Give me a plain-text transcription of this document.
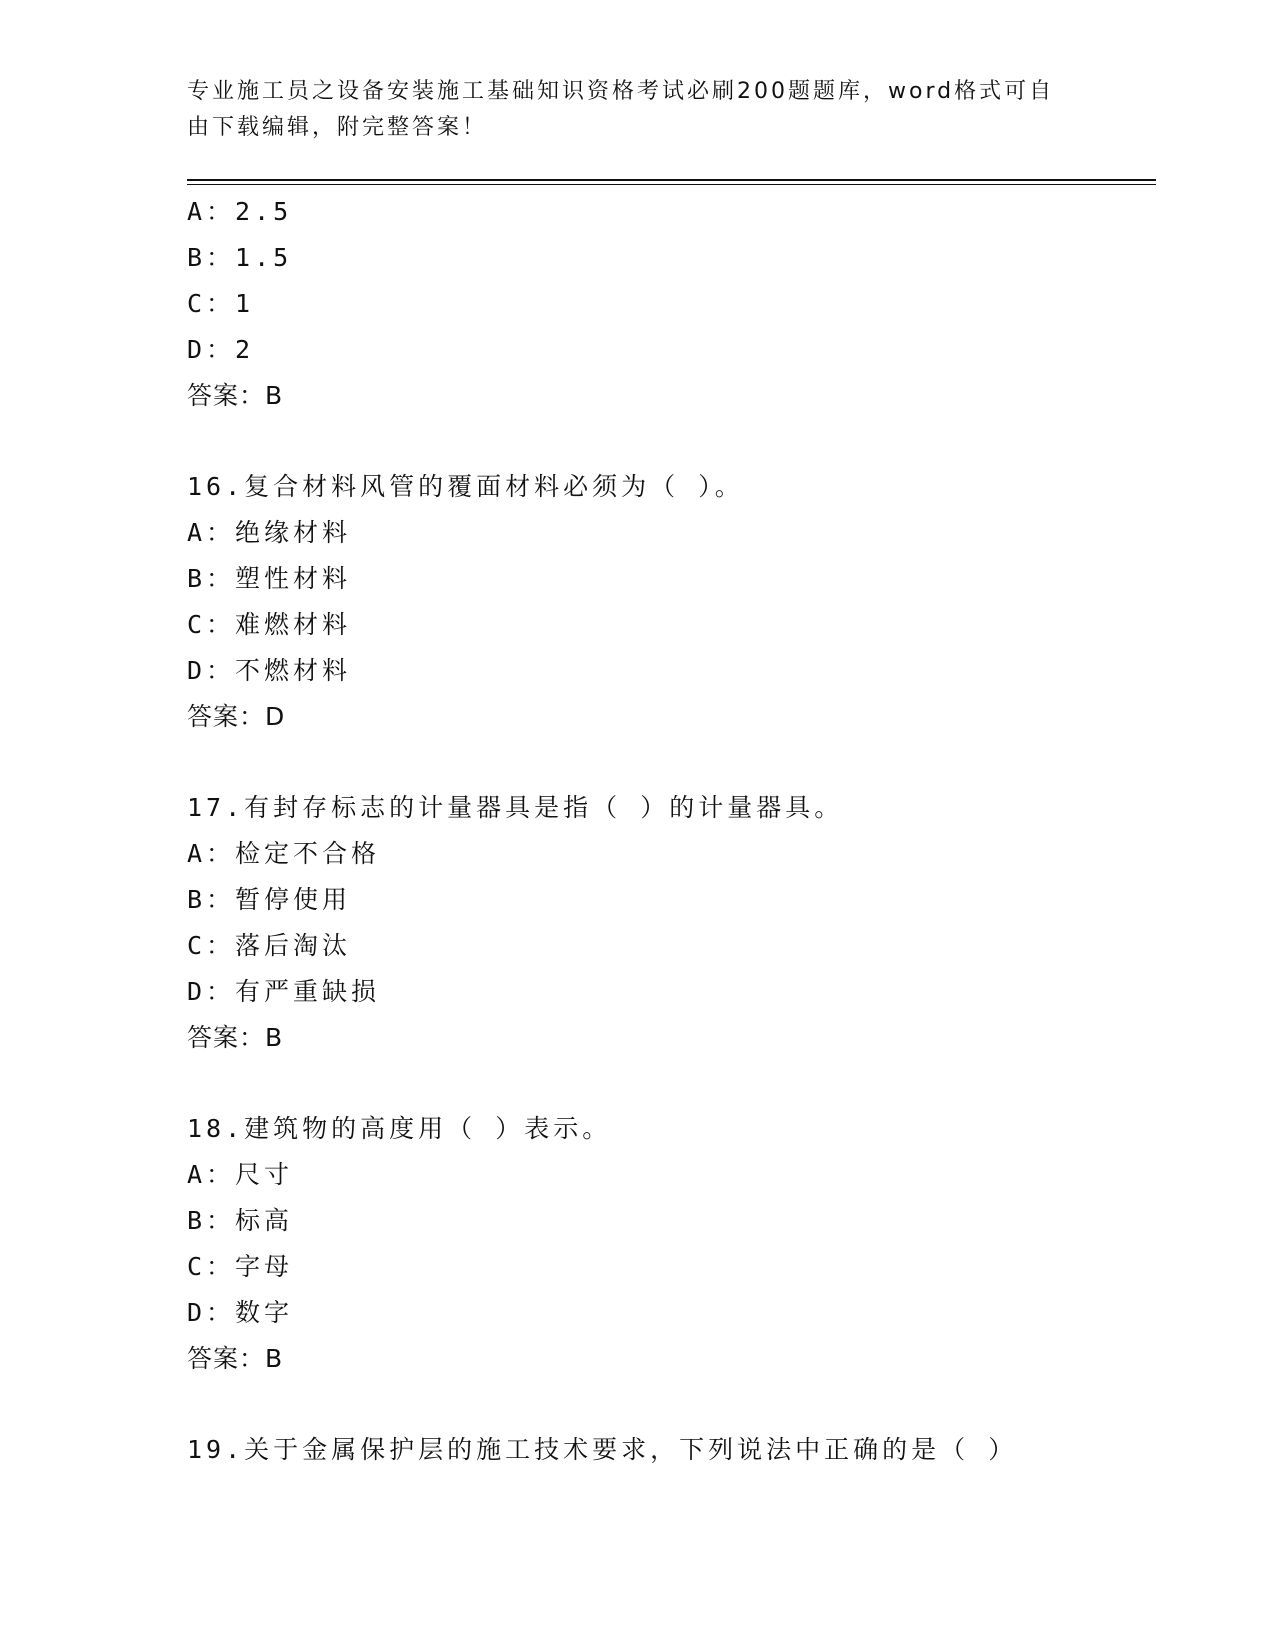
专业施工员之设备安装施工基础知识资格考试必刷200题题库，word格式可自由下载编辑，附完整答案！
A：2.5
B：1.5
C：1
D：2
答案：B
16.复合材料风管的覆面材料必须为（ ）。
A：绝缘材料
B：塑性材料
C：难燃材料
D：不燃材料
答案：D
17.有封存标志的计量器具是指（ ）的计量器具。
A：检定不合格
B：暂停使用
C：落后淘汰
D：有严重缺损
答案：B
18.建筑物的高度用（ ）表示。
A：尺寸
B：标高
C：字母
D：数字
答案：B
19.关于金属保护层的施工技术要求，下列说法中正确的是（ ）
